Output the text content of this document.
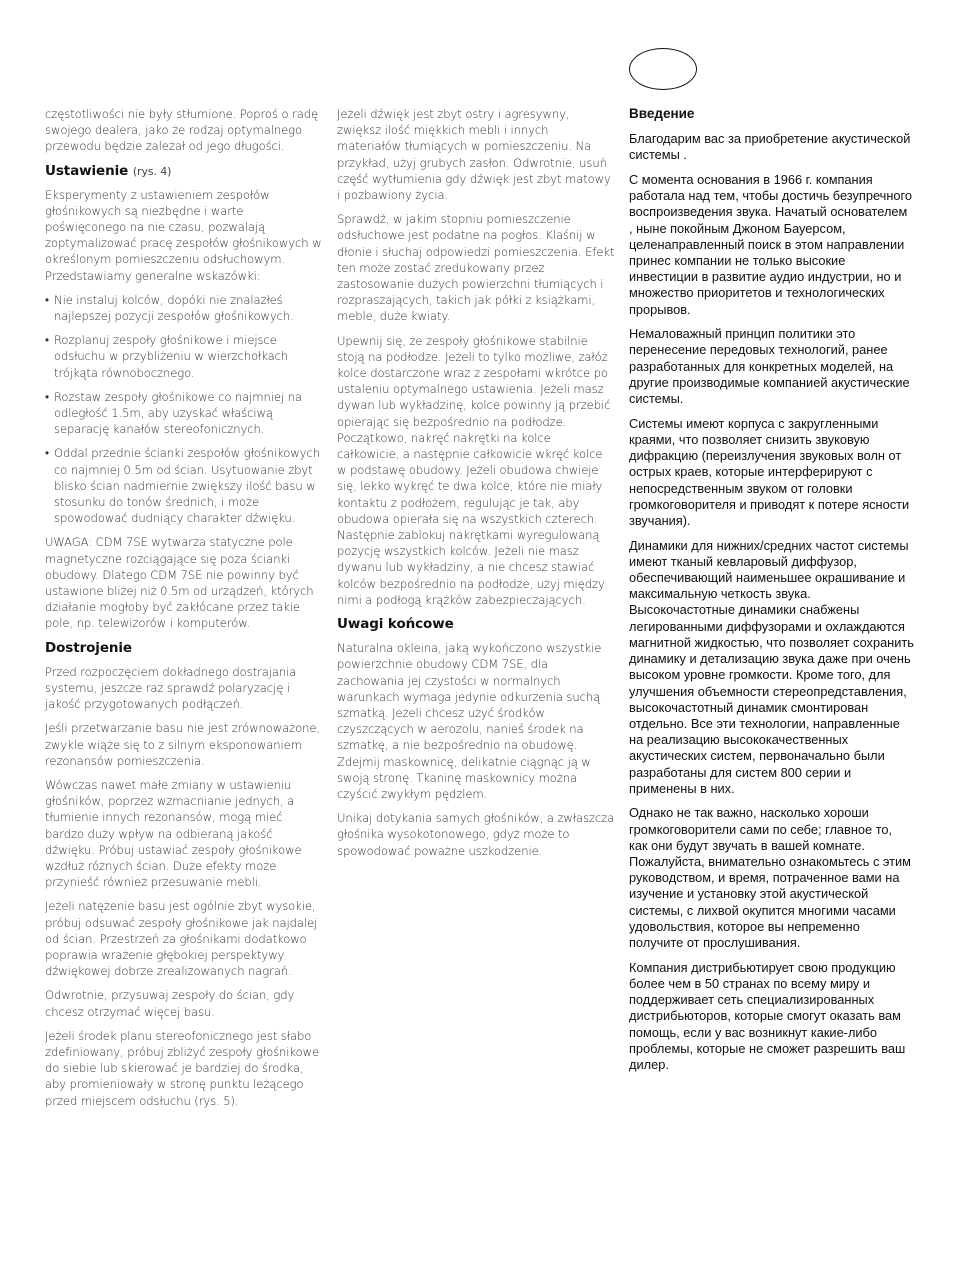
częstotliwości nie były stłumione. Poproś o radę swojego dealera, jako że rodzaj optymalnego przewodu będzie zależał od jego długości.

Ustawienie (rys. 4)

Eksperymenty z ustawieniem zespołów głośnikowych są niezbędne i warte poświęconego na nie czasu, pozwalają zoptymalizować pracę zespołów głośnikowych w określonym pomieszczeniu odsłuchowym. Przedstawiamy generalne wskazówki:

• Nie instaluj kolców, dopóki nie znalazłeś najlepszej pozycji zespołów głośnikowych.
• Rozplanuj zespoły głośnikowe i miejsce odsłuchu w przybliżeniu w wierzchołkach trójkąta równobocznego.
• Rozstaw zespoły głośnikowe co najmniej na odległość 1.5m, aby uzyskać właściwą separację kanałów stereofonicznych.
• Oddal przednie ścianki zespołów głośnikowych co najmniej 0.5m od ścian. Usytuowanie zbyt blisko ścian nadmiernie zwiększy ilość basu w stosunku do tonów średnich, i może spowodować dudniący charakter dźwięku.

UWAGA: CDM 7SE wytwarza statyczne pole magnetyczne rozciągające się poza ścianki obudowy. Dlatego CDM 7SE nie powinny być ustawione bliżej niż 0.5m od urządzeń, których działanie mogłoby być zakłócane przez takie pole, np. telewizorów i komputerów.

Dostrojenie

Przed rozpoczęciem dokładnego dostrajania systemu, jeszcze raz sprawdź polaryzację i jakość przygotowanych podłączeń.

Jeśli przetwarzanie basu nie jest zrównoważone, zwykle wiąże się to z silnym eksponowaniem rezonansów pomieszczenia.

Wówczas nawet małe zmiany w ustawieniu głośników, poprzez wzmacnianie jednych, a tłumienie innych rezonansów, mogą mieć bardzo duży wpływ na odbieraną jakość dźwięku. Próbuj ustawiać zespoły głośnikowe wzdłuż różnych ścian. Duże efekty może przynieść również przesuwanie mebli.

Jeżeli natężenie basu jest ogólnie zbyt wysokie, próbuj odsuwać zespoły głośnikowe jak najdalej od ścian. Przestrzeń za głośnikami dodatkowo poprawia wrażenie głębokiej perspektywy dźwiękowej dobrze zrealizowanych nagrań.

Odwrotnie, przysuwaj zespoły do ścian, gdy chcesz otrzymać więcej basu.

Jeżeli środek planu stereofonicznego jest słabo zdefiniowany, próbuj zbliżyć zespoły głośnikowe do siebie lub skierować je bardziej do środka, aby promieniowały w stronę punktu leżącego przed miejscem odsłuchu (rys. 5).

Jeżeli dźwięk jest zbyt ostry i agresywny, zwiększ ilość miękkich mebli i innych materiałów tłumiących w pomieszczeniu. Na przykład, użyj grubych zasłon. Odwrotnie, usuń część wytłumienia gdy dźwięk jest zbyt matowy i pozbawiony życia.

Sprawdź, w jakim stopniu pomieszczenie odsłuchowe jest podatne na pogłos. Klaśnij w dłonie i słuchaj odpowiedzi pomieszczenia. Efekt ten może zostać zredukowany przez zastosowanie dużych powierzchni tłumiących i rozpraszających, takich jak półki z książkami, meble, duże kwiaty.

Upewnij się, że zespoły głośnikowe stabilnie stoją na podłodze. Jeżeli to tylko możliwe, załóż kolce dostarczone wraz z zespołami wkrótce po ustaleniu optymalnego ustawienia. Jeżeli masz dywan lub wykładzinę, kolce powinny ją przebić opierając się bezpośrednio na podłodze. Początkowo, nakręć nakrętki na kolce całkowicie, a następnie całkowicie wkręć kolce w podstawę obudowy. Jeżeli obudowa chwieje się, lekko wykręć te dwa kolce, które nie miały kontaktu z podłożem, regulując je tak, aby obudowa opierała się na wszystkich czterech. Następnie zablokuj nakrętkami wyregulowaną pozycję wszystkich kolców. Jeżeli nie masz dywanu lub wykładziny, a nie chcesz stawiać kolców bezpośrednio na podłodze, użyj między nimi a podłogą krążków zabezpieczających.

Uwagi końcowe

Naturalna okleina, jaką wykończono wszystkie powierzchnie obudowy CDM 7SE, dla zachowania jej czystości w normalnych warunkach wymaga jedynie odkurzenia suchą szmatką. Jeżeli chcesz użyć środków czyszczących w aerozolu, nanieś środek na szmatkę, a nie bezpośrednio na obudowę. Zdejmij maskownicę, delikatnie ciągnąc ją w swoją stronę. Tkaninę maskownicy można czyścić zwykłym pędzlem.

Unikaj dotykania samych głośników, a zwłaszcza głośnika wysokotonowego, gdyż może to spowodować poważne uszkodzenie.

Введение

Благодарим вас за приобретение акустической системы .

С момента основания в 1966 г. компания работала над тем, чтобы достичь безупречного воспроизведения звука. Начатый основателем , ныне покойным Джоном Бауерсом, целенаправленный поиск в этом направлении принес компании не только высокие инвестиции в развитие аудио индустрии, но и множество приоритетов и технологических прорывов.

Немаловажный принцип политики это перенесение передовых технологий, ранее разработанных для конкретных моделей, на другие производимые компанией акустические системы.

Системы имеют корпуса с закругленными краями, что позволяет снизить звуковую дифракцию (переизлучения звуковых волн от острых краев, которые интерферируют с непосредственным звуком от головки громкоговорителя и приводят к потере ясности звучания).

Динамики для нижних/средних частот системы имеют тканый кевларовый диффузор, обеспечивающий наименьшее окрашивание и максимальную четкость звука. Высокочастотные динамики снабжены легированными диффузорами и охлаждаются магнитной жидкостью, что позволяет сохранить динамику и детализацию звука даже при очень высоком уровне громкости. Кроме того, для улучшения объемности стереопредставления, высокочастотный динамик смонтирован отдельно. Все эти технологии, направленные на реализацию высококачественных акустических систем, первоначально были разработаны для систем 800 серии и применены в них.

Однако не так важно, насколько хороши громкоговорители сами по себе; главное то, как они будут звучать в вашей комнате. Пожалуйста, внимательно ознакомьтесь с этим руководством, и время, потраченное вами на изучение и установку этой акустической системы, с лихвой окупится многими часами удовольствия, которое вы непременно получите от прослушивания.

Компания дистрибьютирует свою продукцию более чем в 50 странах по всему миру и поддерживает сеть специализированных дистрибьюторов, которые смогут оказать вам помощь, если у вас возникнут какие-либо проблемы, которые не сможет разрешить ваш дилер.
